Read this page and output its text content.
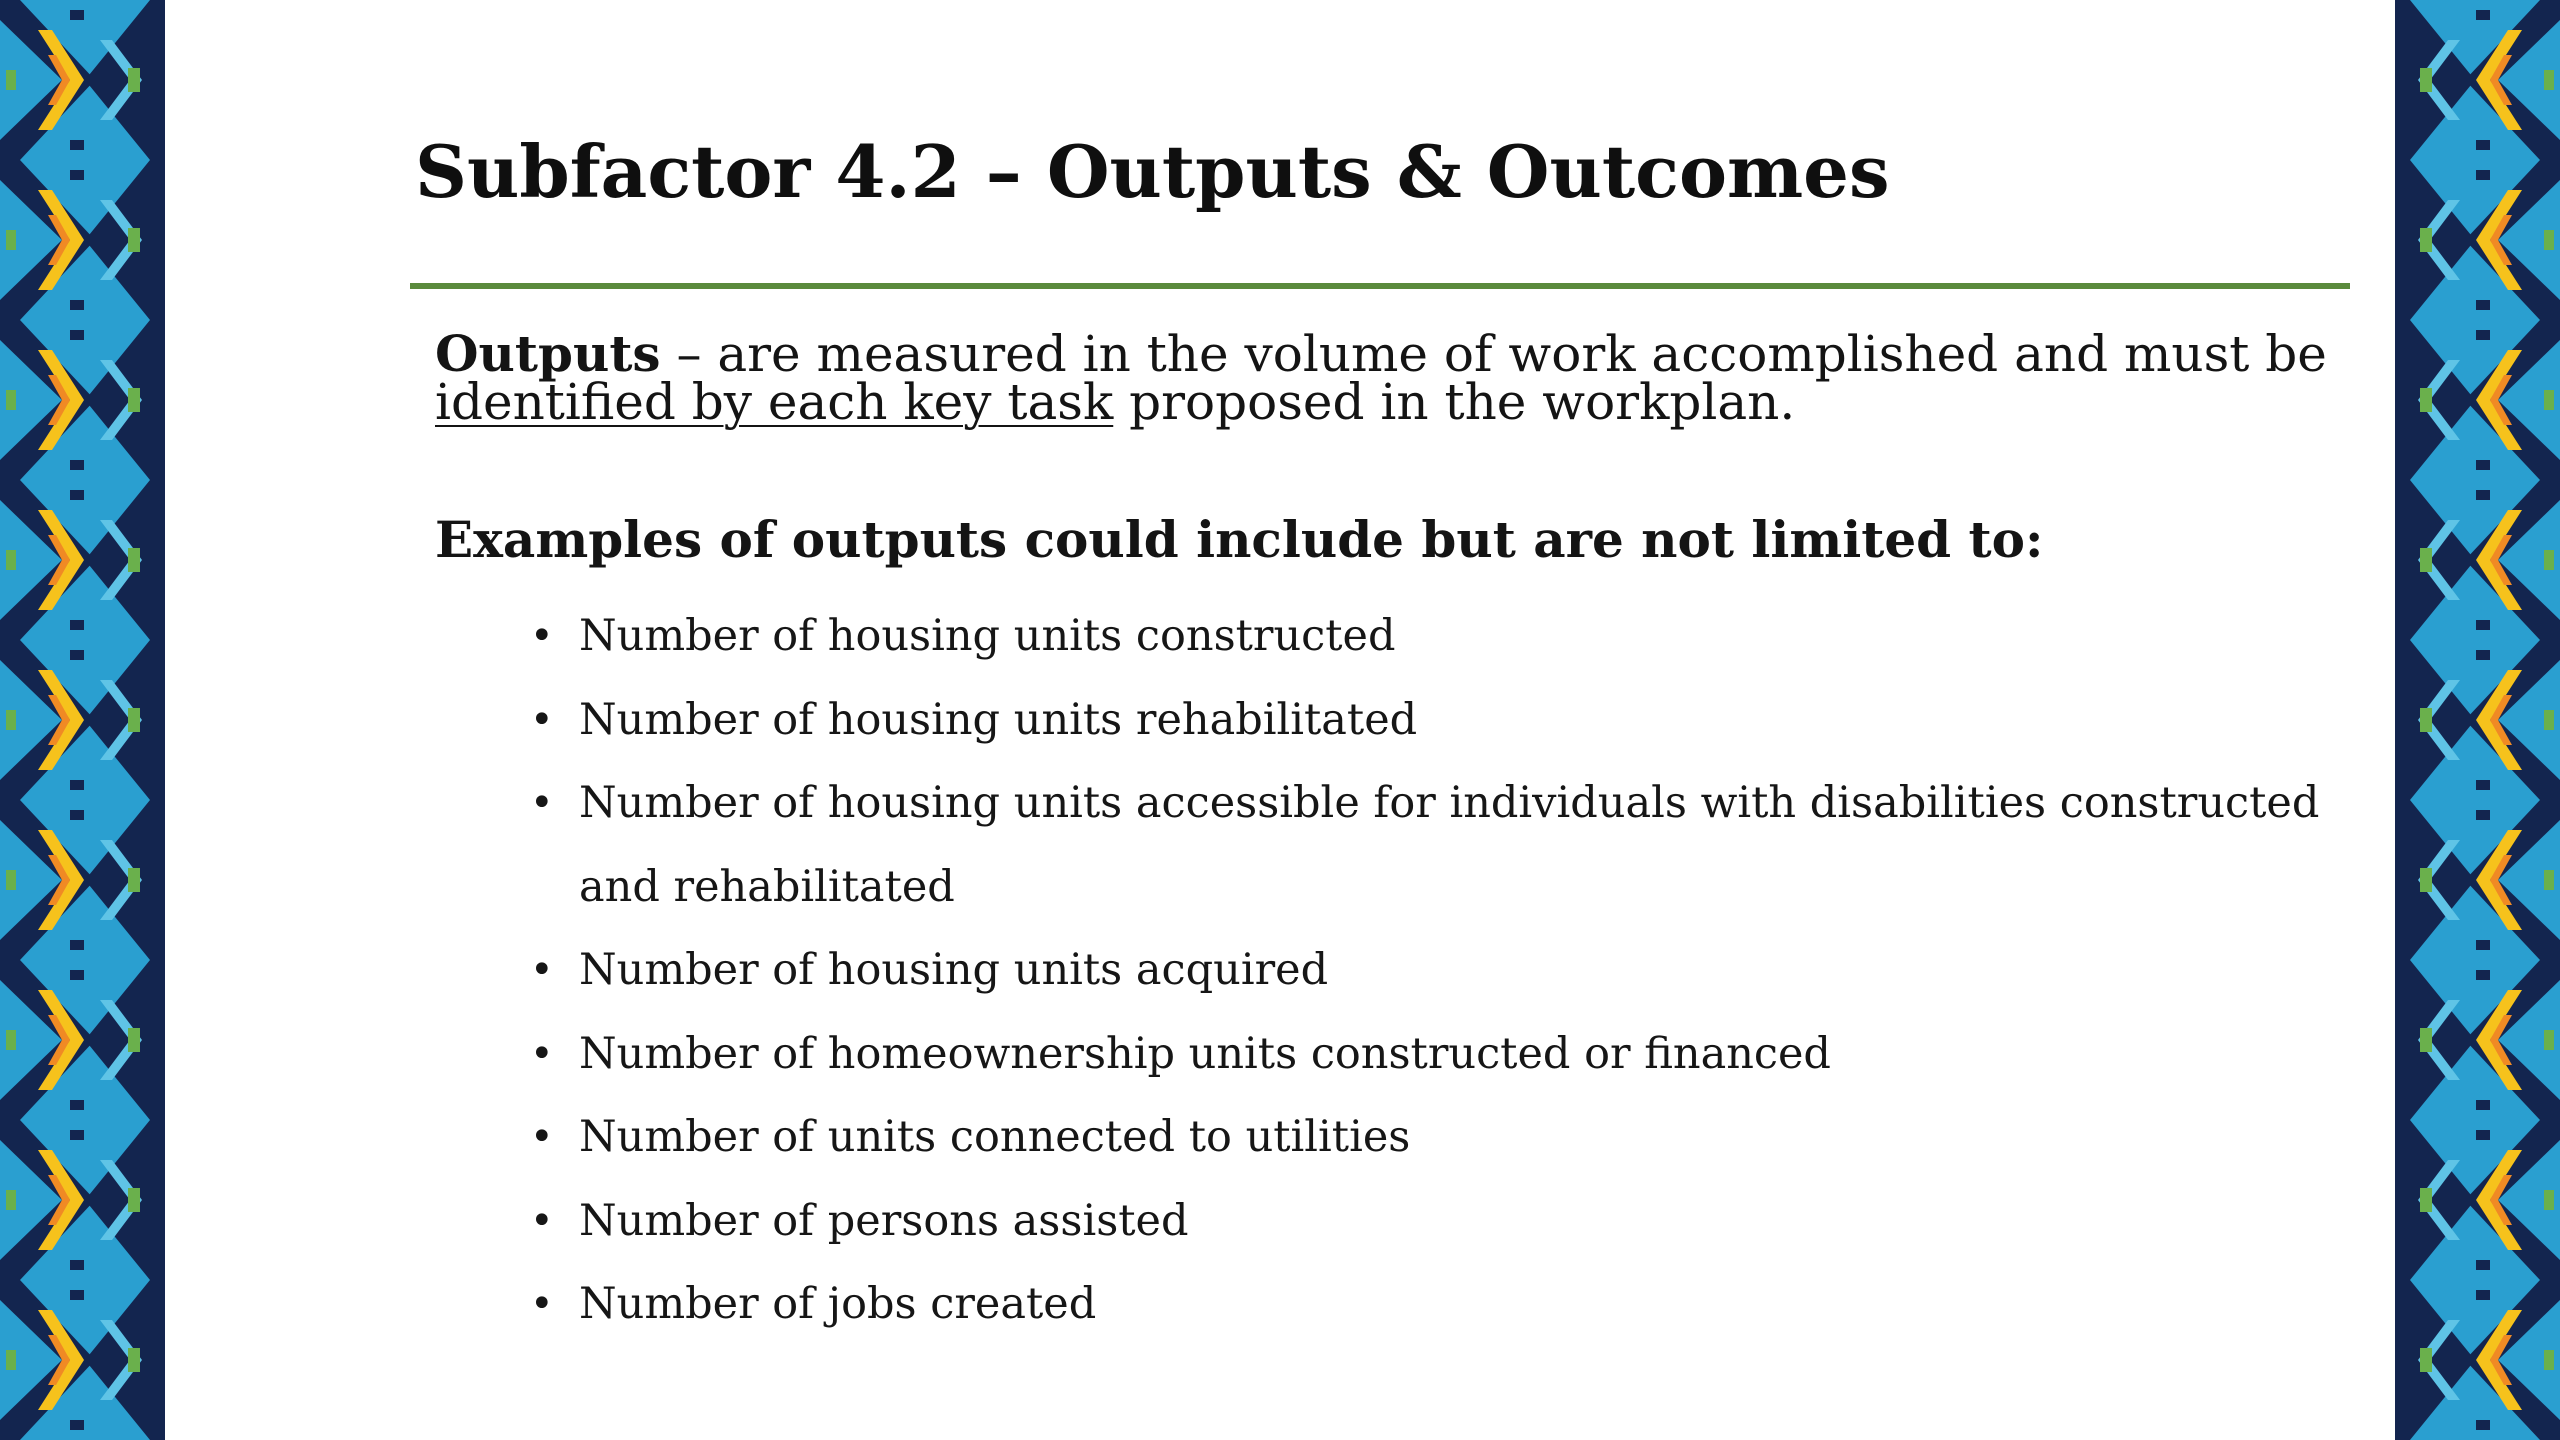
Subfactor 4.2 – Outputs & Outcomes

Outputs – are measured in the volume of work accomplished and must be identified by each key task proposed in the workplan.

Examples of outputs could include but are not limited to:
• Number of housing units constructed
• Number of housing units rehabilitated
• Number of housing units accessible for individuals with disabilities constructed and rehabilitated
• Number of housing units acquired
• Number of homeownership units constructed or financed
• Number of units connected to utilities
• Number of persons assisted
• Number of jobs created
